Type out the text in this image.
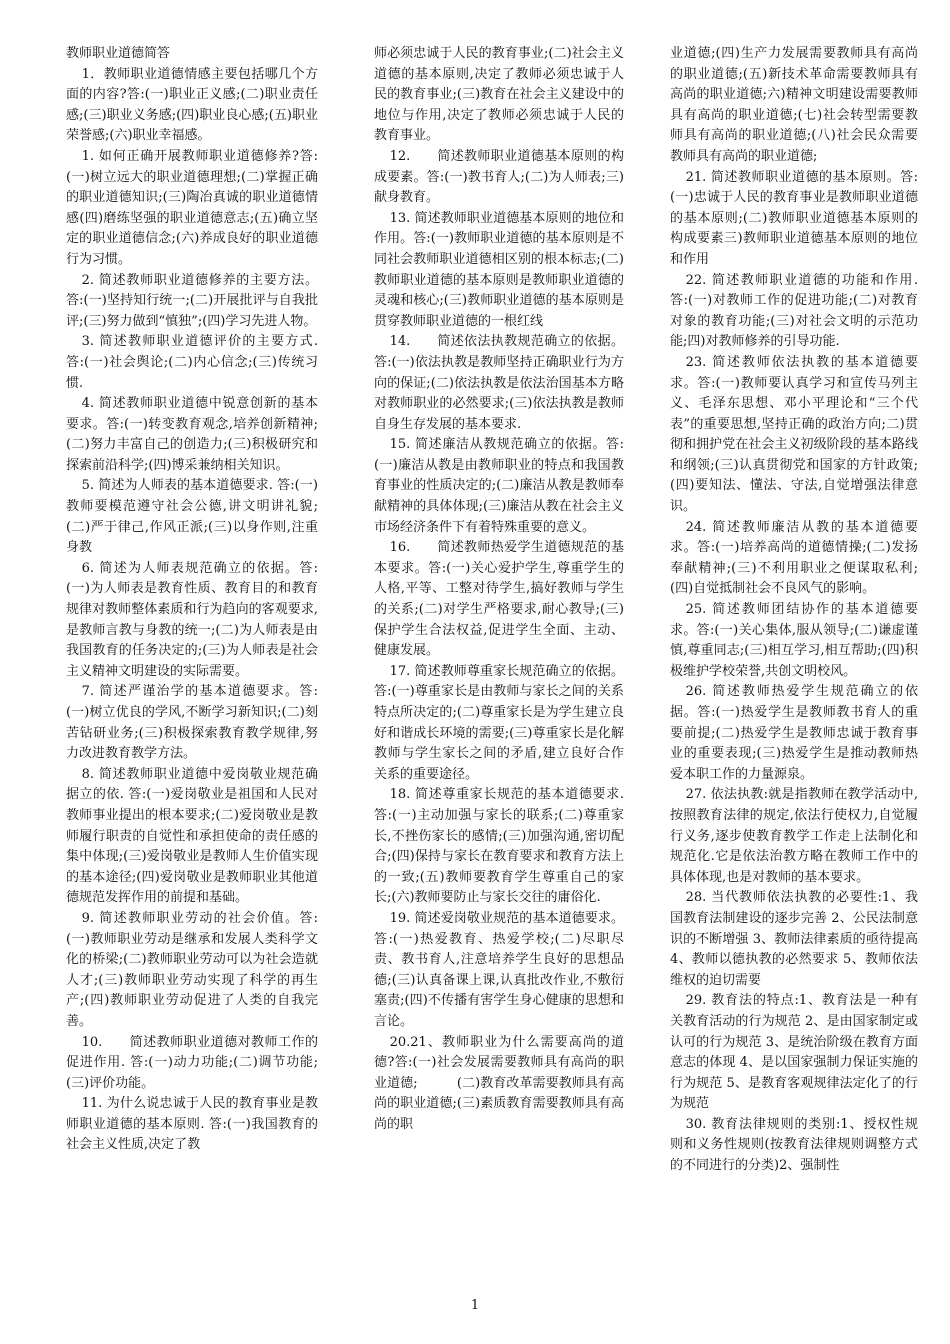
教师职业道德简答

1．教师职业道德情感主要包括哪几个方面的内容?答:(一)职业正义感;(二)职业责任感;(三)职业义务感;(四)职业良心感;(五)职业荣誉感;(六)职业幸福感。

1. 如何正确开展教师职业道德修养?答:(一)树立远大的职业道德理想;(二)掌握正确的职业道德知识;(三)陶冶真诚的职业道德情感(四)磨练坚强的职业道德意志;(五)确立坚定的职业道德信念;(六)养成良好的职业道德行为习惯。

2. 简述教师职业道德修养的主要方法。答:(一)坚持知行统一;(二)开展批评与自我批评;(三)努力做到“慎独”;(四)学习先进人物。

3. 简述教师职业道德评价的主要方式. 答:(一)社会舆论;(二)内心信念;(三)传统习惯.

4. 简述教师职业道德中锐意创新的基本要求。答:(一)转变教育观念,培养创新精神;(二)努力丰富自己的创造力;(三)积极研究和探索前沿科学;(四)博采兼纳相关知识。

5. 简述为人师表的基本道德要求. 答:(一)教师要模范遵守社会公德,讲文明讲礼貌;(二)严于律己,作风正派;(三)以身作则,注重身教

6. 简述为人师表规范确立的依据。答:(一)为人师表是教育性质、教育目的和教育规律对教师整体素质和行为趋向的客观要求,是教师言教与身教的统一;(二)为人师表是由我国教育的任务决定的;(三)为人师表是社会主义精神文明建设的实际需要。

7. 简述严谨治学的基本道德要求。答:(一)树立优良的学风,不断学习新知识;(二)刻苦钻研业务;(三)积极探索教育教学规律,努力改进教育教学方法。

8. 简述教师职业道德中爱岗敬业规范确据立的依. 答:(一)爱岗敬业是祖国和人民对教师事业提出的根本要求;(二)爱岗敬业是教师履行职责的自觉性和承担使命的责任感的集中体现;(三)爱岗敬业是教师人生价值实现的基本途径;(四)爱岗敬业是教师职业其他道德规范发挥作用的前提和基础。

9. 简述教师职业劳动的社会价值。答:(一)教师职业劳动是继承和发展人类科学文化的桥梁;(二)教师职业劳动可以为社会造就人才;(三)教师职业劳动实现了科学的再生产;(四)教师职业劳动促进了人类的自我完善。

10.　　简述教师职业道德对教师工作的促进作用. 答:(一)动力功能;(二)调节功能;(三)评价功能。

11. 为什么说忠诚于人民的教育事业是教师职业道德的基本原则. 答:(一)我国教育的社会主义性质,决定了教

师必须忠诚于人民的教育事业;(二)社会主义道德的基本原则,决定了教师必须忠诚于人民的教育事业;(三)教育在社会主义建设中的地位与作用,决定了教师必须忠诚于人民的教育事业。

12.　　简述教师职业道德基本原则的构成要素。答:(一)教书育人;(二)为人师表;三)献身教育。

13. 简述教师职业道德基本原则的地位和作用。答:(一)教师职业道德的基本原则是不同社会教师职业道德相区别的根本标志;(二)教师职业道德的基本原则是教师职业道德的灵魂和核心;(三)教师职业道德的基本原则是贯穿教师职业道德的一根红线

14.　　简述依法执教规范确立的依据。答:(一)依法执教是教师坚持正确职业行为方向的保证;(二)依法执教是依法治国基本方略对教师职业的必然要求;(三)依法执教是教师自身生存发展的基本要求.

15. 简述廉洁从教规范确立的依据。答:(一)廉洁从教是由教师职业的特点和我国教育事业的性质决定的;(二)廉洁从教是教师奉献精神的具体体现;(三)廉洁从教在社会主义市场经济条件下有着特殊重要的意义。

16.　　简述教师热爱学生道德规范的基本要求。答:(一)关心爱护学生,尊重学生的人格,平等、工整对待学生,搞好教师与学生的关系;(二)对学生严格要求,耐心教导;(三)保护学生合法权益,促进学生全面、主动、健康发展。

17. 简述教师尊重家长规范确立的依据。答:(一)尊重家长是由教师与家长之间的关系特点所决定的;(二)尊重家长是为学生建立良好和谐成长环境的需要;(三)尊重家长是化解教师与学生家长之间的矛盾,建立良好合作关系的重要途径。

18. 简述尊重家长规范的基本道德要求. 答:(一)主动加强与家长的联系;(二)尊重家长,不挫伤家长的感情;(三)加强沟通,密切配合;(四)保持与家长在教育要求和教育方法上的一致;(五)教师要教育学生尊重自己的家长;(六)教师要防止与家长交往的庸俗化.

19. 简述爱岗敬业规范的基本道德要求。答:(一)热爱教育、热爱学校;(二)尽职尽责、教书育人,注意培养学生良好的思想品德;(三)认真备课上课,认真批改作业,不敷衍塞责;(四)不传播有害学生身心健康的思想和言论。

20.21、教师职业为什么需要高尚的道德?答:(一)社会发展需要教师具有高尚的职业道德;　　　(二)教育改革需要教师具有高尚的职业道德;(三)素质教育需要教师具有高尚的职

业道德;(四)生产力发展需要教师具有高尚的职业道德;(五)新技术革命需要教师具有高尚的职业道德;六)精神文明建设需要教师具有高尚的职业道德;(七)社会转型需要教师具有高尚的职业道德;(八)社会民众需要教师具有高尚的职业道德;

21. 简述教师职业道德的基本原则。答:(一)忠诚于人民的教育事业是教师职业道德的基本原则;(二)教师职业道德基本原则的构成要素三)教师职业道德基本原则的地位和作用

22. 简述教师职业道德的功能和作用. 答:(一)对教师工作的促进功能;(二)对教育对象的教育功能;(三)对社会文明的示范功能;四)对教师修养的引导功能.

23. 简述教师依法执教的基本道德要求。答:(一)教师要认真学习和宣传马列主义、毛泽东思想、邓小平理论和“三个代表”的重要思想,坚持正确的政治方向;二)贯彻和拥护党在社会主义初级阶段的基本路线和纲领;(三)认真贯彻党和国家的方针政策;(四)要知法、懂法、守法,自觉增强法律意识。

24. 简述教师廉洁从教的基本道德要求。答:(一)培养高尚的道德情操;(二)发扬奉献精神;(三)不利用职业之便谋取私利;(四)自觉抵制社会不良风气的影响。

25. 简述教师团结协作的基本道德要求。答:(一)关心集体,服从领导;(二)谦虚谨慎,尊重同志;(三)相互学习,相互帮助;(四)积极维护学校荣誉,共创文明校风。

26. 简述教师热爱学生规范确立的依据。答:(一)热爱学生是教师教书育人的重要前提;(二)热爱学生是教师忠诚于教育事业的重要表现;(三)热爱学生是推动教师热爱本职工作的力量源泉。

27. 依法执教:就是指教师在教学活动中,按照教育法律的规定,依法行使权力,自觉履行义务,逐步使教育教学工作走上法制化和规范化.它是依法治教方略在教师工作中的具体体现,也是对教师的基本要求。

28. 当代教师依法执教的必要性:1、我国教育法制建设的逐步完善 2、公民法制意识的不断增强 3、教师法律素质的亟待提高 4、教师以德执教的必然要求 5、教师依法维权的迫切需要

29. 教育法的特点:1、教育法是一种有关教育活动的行为规范 2、是由国家制定或认可的行为规范 3、是统治阶级在教育方面意志的体现 4、是以国家强制力保证实施的行为规范 5、是教育客观规律法定化了的行为规范

30. 教育法律规则的类别:1、授权性规则和义务性规则(按教育法律规则调整方式的不同进行的分类)2、强制性

1
